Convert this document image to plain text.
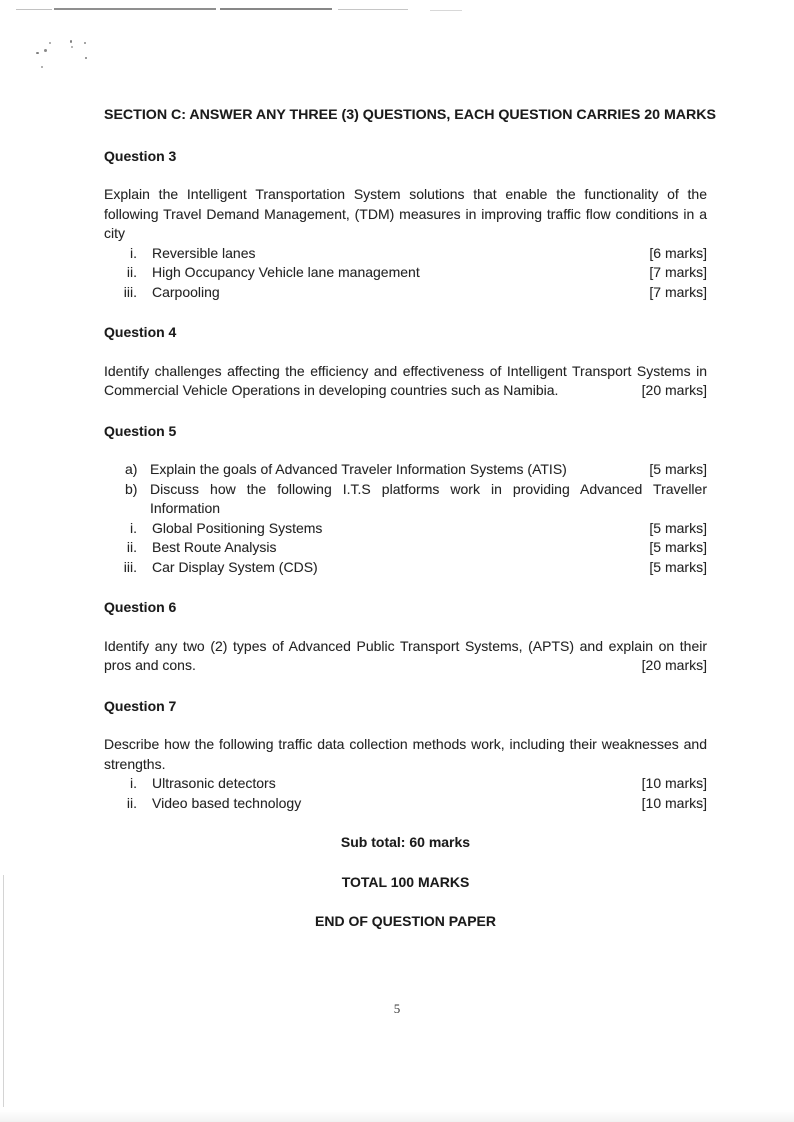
SECTION C: ANSWER ANY THREE (3) QUESTIONS, EACH QUESTION CARRIES 20 MARKS
Question 3

Explain the Intelligent Transportation System solutions that enable the functionality of the following Travel Demand Management, (TDM) measures in improving traffic flow conditions in a city

i. Reversible lanes	[6 marks]
ii. High Occupancy Vehicle lane management	[7 marks]
iii. Carpooling	[7 marks]
Question 4

Identify challenges affecting the efficiency and effectiveness of Intelligent Transport Systems in Commercial Vehicle Operations in developing countries such as Namibia.	[20 marks]

Question 5
a) Explain the goals of Advanced Traveler Information Systems (ATIS)	[5 marks]
b) Discuss how the following I.T.S platforms work in providing Advanced Traveller Information
i. Global Positioning Systems	[5 marks]
ii. Best Route Analysis	[5 marks]
iii. Car Display System (CDS)	[5 marks]
Question 6

Identify any two (2) types of Advanced Public Transport Systems, (APTS) and explain on their pros and cons.	[20 marks]

Question 7

Describe how the following traffic data collection methods work, including their weaknesses and strengths.

i. Ultrasonic detectors	[10 marks]
ii. Video based technology	[10 marks]
Sub total: 60 marks
TOTAL 100 MARKS
END OF QUESTION PAPER
5
